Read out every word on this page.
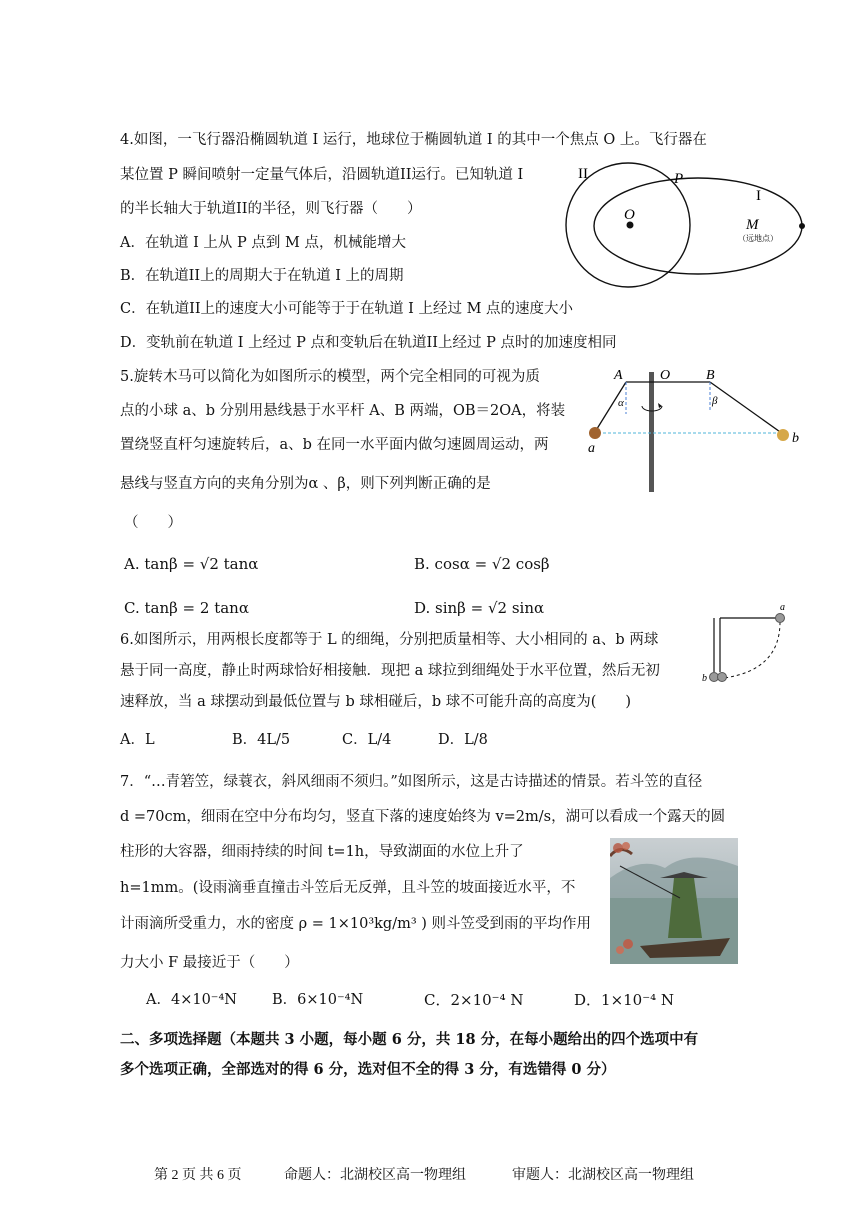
4.如图，一飞行器沿椭圆轨道 I 运行，地球位于椭圆轨道 I 的其中一个焦点 O 上。飞行器在
某位置 P 瞬间喷射一定量气体后，沿圆轨道II运行。已知轨道 I
的半长轴大于轨道II的半径，则飞行器（　　）
A．在轨道 I 上从 P 点到 M 点，机械能增大
B．在轨道II上的周期大于在轨道 I 上的周期
C．在轨道II上的速度大小可能等于于在轨道 I 上经过 M 点的速度大小
D．变轨前在轨道 I 上经过 P 点和变轨后在轨道II上经过 P 点时的加速度相同
II	P
I
O
M
（远地点）
5.旋转木马可以简化为如图所示的模型，两个完全相同的可视为质
点的小球 a、b 分别用悬线悬于水平杆 A、B 两端，OB＝2OA，将装
置绕竖直杆匀速旋转后，a、b 在同一水平面内做匀速圆周运动，两
悬线与竖直方向的夹角分别为α 、β，则下列判断正确的是
（　　）
A. tanβ = √2 tanα	B. cosα = √2 cosβ
C. tanβ = 2 tanα	D. sinβ = √2 sinα
A	O	B
α	β
a
b
6.如图所示，用两根长度都等于 L 的细绳，分别把质量相等、大小相同的 a、b 两球
悬于同一高度，静止时两球恰好相接触．现把 a 球拉到细绳处于水平位置，然后无初
速释放，当 a 球摆动到最低位置与 b 球相碰后，b 球不可能升高的高度为(　　)
A．L	B．4L/5	C．L/4	D．L/8
a
b
7．“…青箬笠，绿蓑衣，斜风细雨不须归。”如图所示，这是古诗描述的情景。若斗笠的直径
d =70cm，细雨在空中分布均匀，竖直下落的速度始终为 v=2m/s，湖可以看成一个露天的圆
柱形的大容器，细雨持续的时间 t=1h，导致湖面的水位上升了
h=1mm。(设雨滴垂直撞击斗笠后无反弹，且斗笠的坡面接近水平，不
计雨滴所受重力，水的密度 ρ = 1×10³kg/m³ ) 则斗笠受到雨的平均作用
力大小 F 最接近于（　　）
A．4×10⁻⁴N B．6×10⁻⁴N	C．2×10⁻⁴ N	D．1×10⁻⁴ N
二、多项选择题（本题共 3 小题，每小题 6 分，共 18 分，在每小题给出的四个选项中有
多个选项正确，全部选对的得 6 分，选对但不全的得 3 分，有选错得 0 分）
第 2 页 共 6 页	命题人：北湖校区高一物理组	审题人：北湖校区高一物理组
